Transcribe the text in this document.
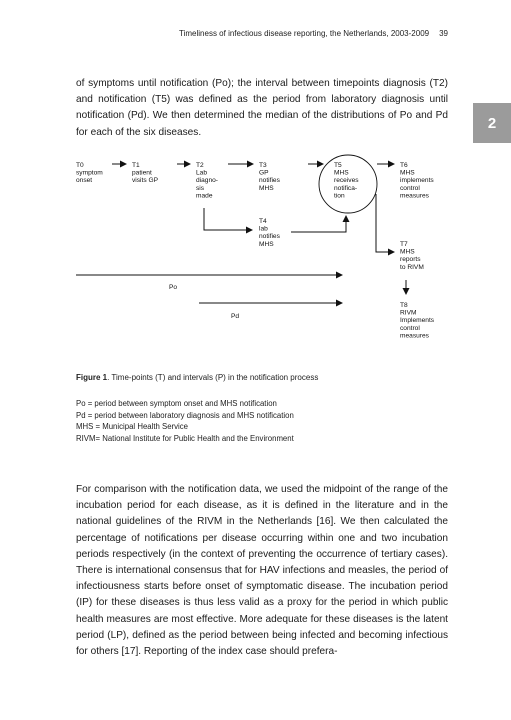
Timeliness of infectious disease reporting, the Netherlands, 2003-2009 39
2
of symptoms until notification (Po); the interval between timepoints diagnosis (T2) and notification (T5) was defined as the period from laboratory diagnosis until notification (Pd). We then determined the median of the distributions of Po and Pd for each of the six diseases.
T0 symptom onset
T1 patient visits GP
T2 Lab diagno-sis made
T3 GP notifies MHS
T4 lab notifies MHS
T5 MHS receives notifica-tion
T6 MHS implements control measures
T7 MHS reports to RIVM
T8 RIVM Implements control measures
Po
Pd
Figure 1. Time-points (T) and intervals (P) in the notification process
Po = period between symptom onset and MHS notification
Pd = period between laboratory diagnosis and MHS notification
MHS = Municipal Health Service
RIVM= National Institute for Public Health and the Environment
For comparison with the notification data, we used the midpoint of the range of the incubation period for each disease, as it is defined in the literature and in the national guidelines of the RIVM in the Netherlands [16]. We then calculated the percentage of notifications per disease occurring within one and two incubation periods respectively (in the context of preventing the occurrence of tertiary cases). There is international consensus that for HAV infections and measles, the period of infectiousness starts before onset of symptomatic disease. The incubation period (IP) for these diseases is thus less valid as a proxy for the period in which public health measures are most effective. More adequate for these diseases is the latent period (LP), defined as the period between being infected and becoming infectious for others [17]. Reporting of the index case should prefera-
